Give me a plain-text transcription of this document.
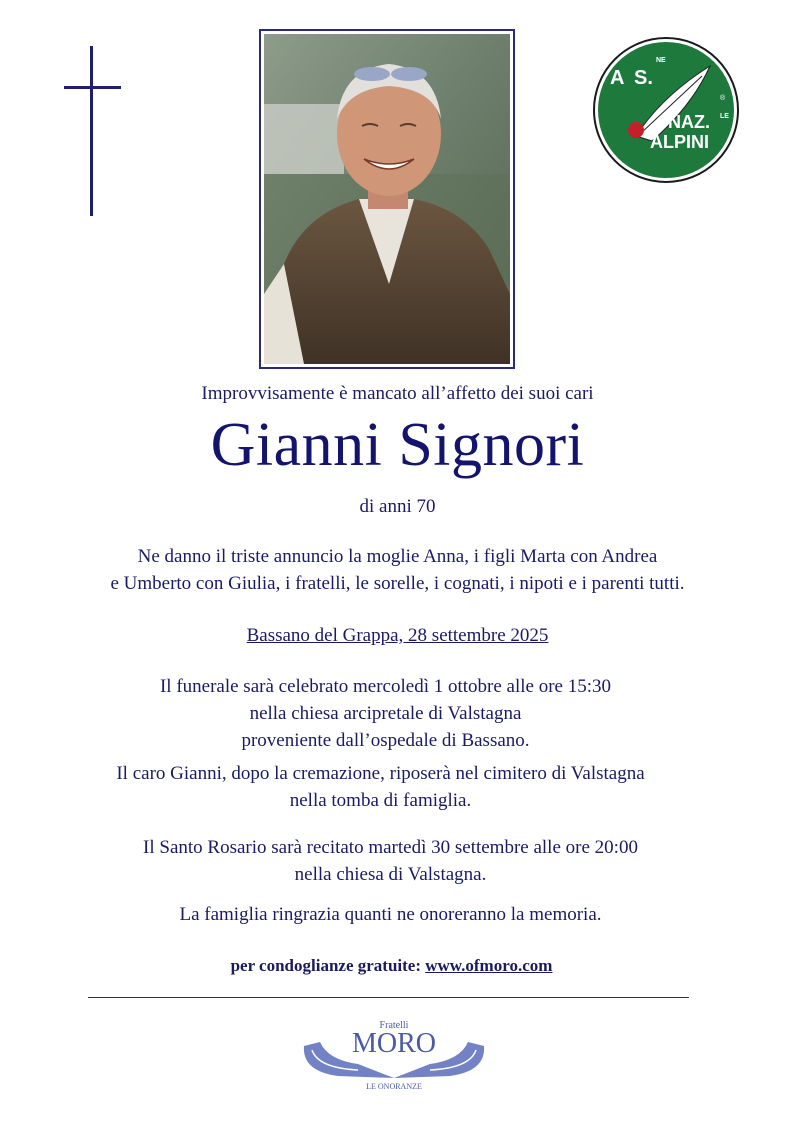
A S.
NE
NAZ. LE
ALPINI
®
Improvvisamente è mancato all’affetto dei suoi cari
Gianni Signori
di anni 70
Ne danno il triste annuncio la moglie Anna, i figli Marta con Andrea
e Umberto con Giulia, i fratelli, le sorelle, i cognati, i nipoti e i parenti tutti.
Bassano del Grappa, 28 settembre 2025
Il funerale sarà celebrato mercoledì 1 ottobre alle ore 15:30
nella chiesa arcipretale di Valstagna
proveniente dall’ospedale di Bassano.
Il caro Gianni, dopo la cremazione, riposerà nel cimitero di Valstagna
nella tomba di famiglia.
Il Santo Rosario sarà recitato martedì 30 settembre alle ore 20:00
nella chiesa di Valstagna.
La famiglia ringrazia quanti ne onoreranno la memoria.
per condoglianze gratuite: www.ofmoro.com
Fratelli
MORO
LE ONORANZE
